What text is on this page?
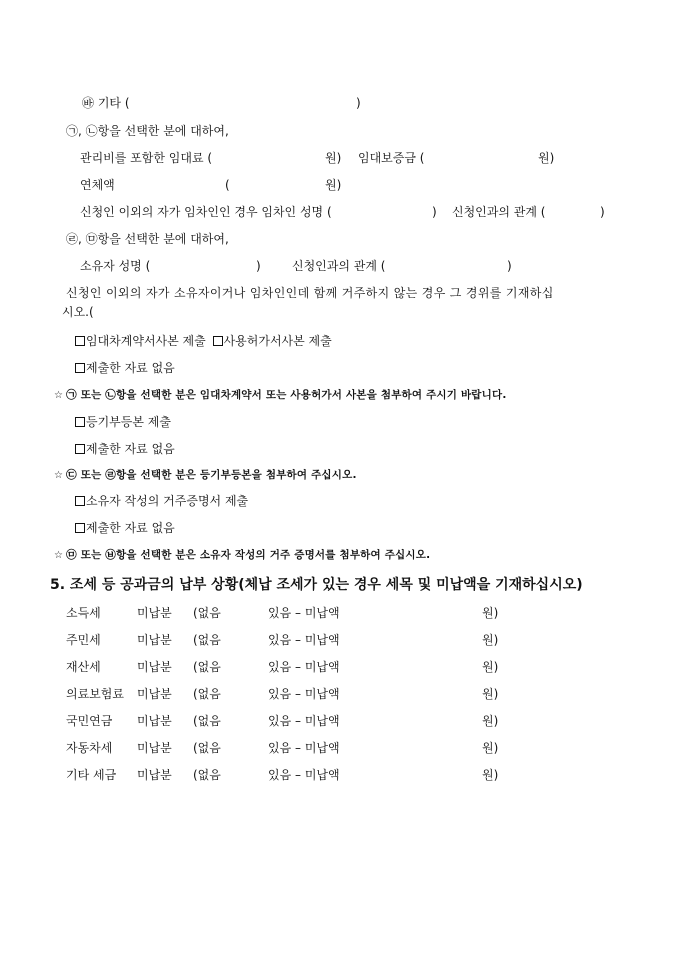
㉳ 기타 (	)
㉠, ㉡항을 선택한 분에 대하여,
관리비를 포함한 임대료 (	원) 임대보증금 (	원)
연체액	(	원)
신청인 이외의 자가 임차인인 경우 임차인 성명 (	) 신청인과의 관계 (	)
㉣, ㉤항을 선택한 분에 대하여,
소유자 성명 (	)	신청인과의 관계 (	)
신청인 이외의 자가 소유자이거나 임차인인데 함께 거주하지 않는 경우 그 경위를 기재하십
시오.(
임대차계약서사본 제출 사용허가서사본 제출
제출한 자료 없음
☆ ㉠ 또는 ㉡항을 선택한 분은 임대차계약서 또는 사용허가서 사본을 첨부하여 주시기 바랍니다.
등기부등본 제출
제출한 자료 없음
☆ ㉢ 또는 ㉣항을 선택한 분은 등기부등본을 첨부하여 주십시오.
소유자 작성의 거주증명서 제출
제출한 자료 없음
☆ ㉤ 또는 ㉥항을 선택한 분은 소유자 작성의 거주 증명서를 첨부하여 주십시오.
5. 조세 등 공과금의 납부 상황(체납 조세가 있는 경우 세목 및 미납액을 기재하십시오)
소득세	미납분 (없음	있음 – 미납액	원)
주민세	미납분 (없음	있음 – 미납액	원)
재산세	미납분 (없음	있음 – 미납액	원)
의료보험료 미납분 (없음	있음 – 미납액	원)
국민연금 미납분 (없음	있음 – 미납액	원)
자동차세 미납분 (없음	있음 – 미납액	원)
기타 세금 미납분 (없음	있음 – 미납액	원)
